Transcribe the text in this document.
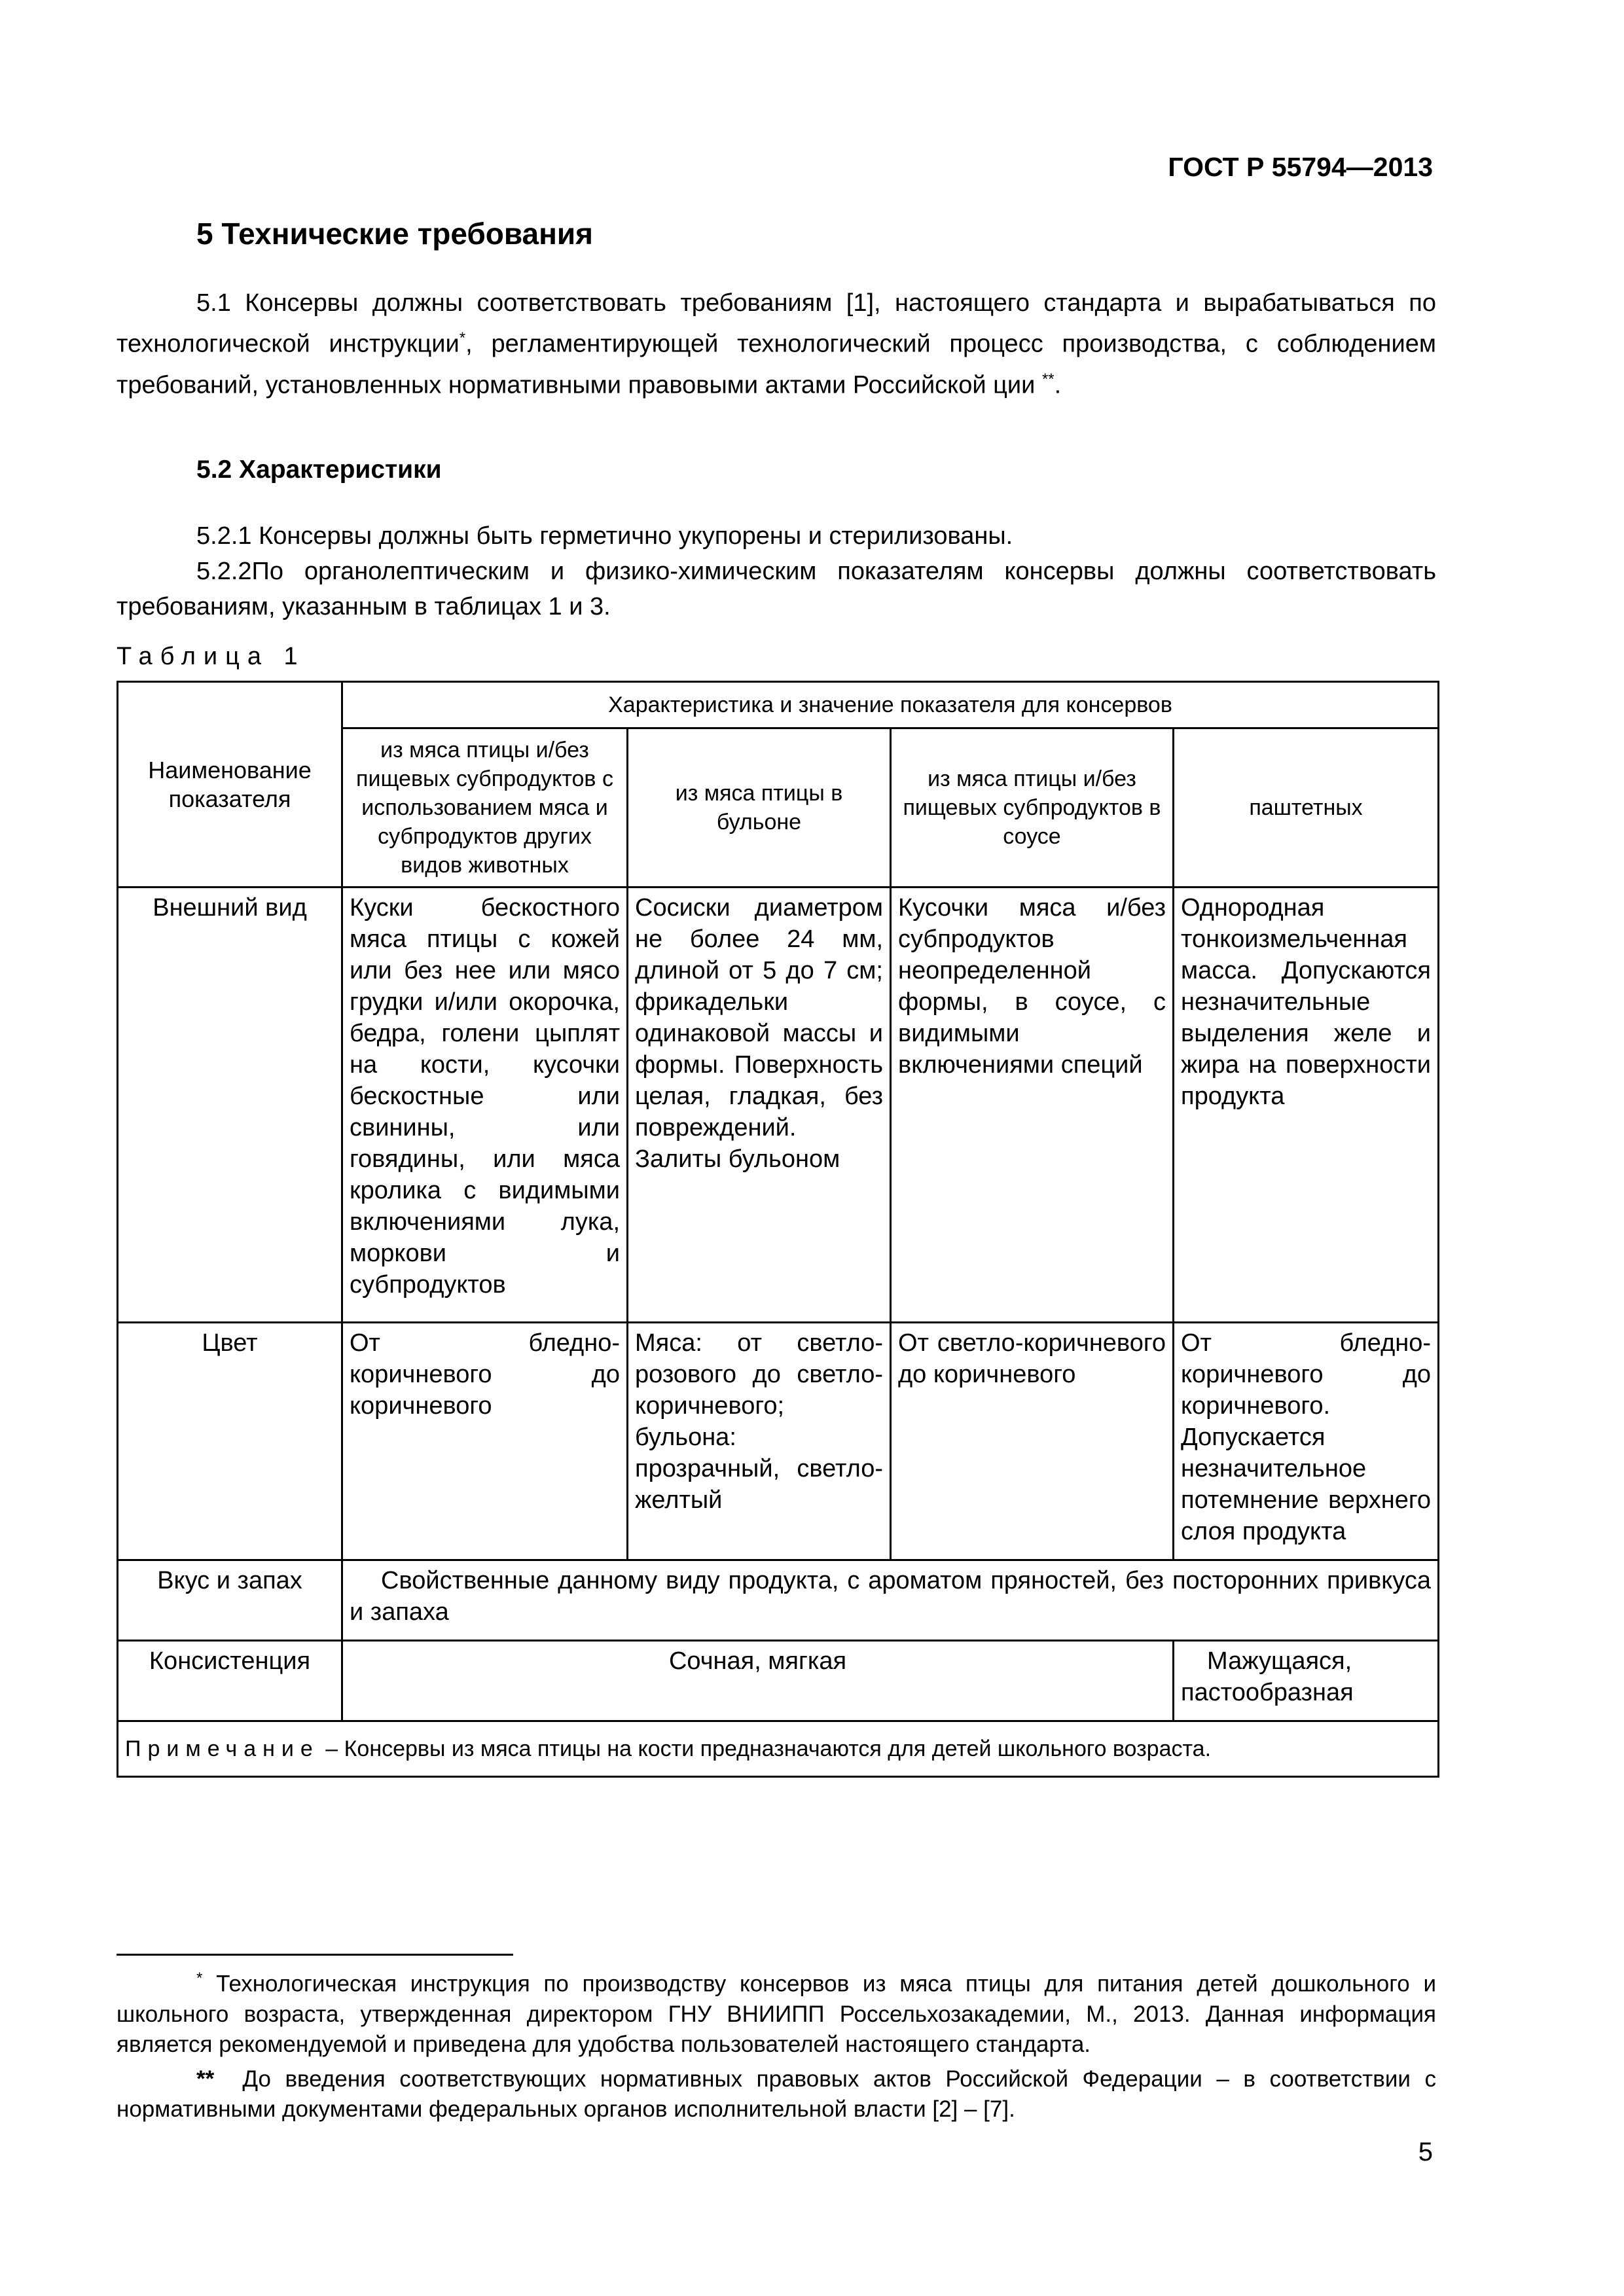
ГОСТ Р 55794—2013
5 Технические требования
5.1 Консервы должны соответствовать требованиям [1], настоящего стандарта и вырабатываться по технологической инструкции*, регламентирующей технологический процесс производства, с соблюдением требований, установленных нормативными правовыми актами Российской ции **.
5.2 Характеристики
5.2.1 Консервы должны быть герметично укупорены и стерилизованы.
5.2.2По органолептическим и физико-химическим показателям консервы должны соответствовать требованиям, указанным в таблицах 1 и 3.
Таблица 1
Наименование показателя	Характеристика и значение показателя для консервов			
	из мяса птицы и/без пищевых субпродуктов с использованием мяса и субпродуктов других видов животных	из мяса птицы в бульоне	из мяса птицы и/без пищевых субпродуктов в соусе	паштетных
Внешний вид	Куски бескостного мяса птицы с кожей или без нее или мясо грудки и/или окорочка, бедра, голени цыплят на кости, кусочки бескостные или свинины, или говядины, или мяса кролика с видимыми включениями лука, моркови и субпродуктов	Сосиски диаметром не более 24 мм, длиной от 5 до 7 см; фрикадельки одинаковой массы и формы. Поверхность целая, гладкая, без повреждений. Залиты бульоном	Кусочки мяса и/без субпродуктов неопределенной формы, в соусе, с видимыми включениями специй	Однородная тонкоизмельченная масса. Допускаются незначительные выделения желе и жира на поверхности продукта
Цвет	От бледно-коричневого до коричневого	Мяса: от светло-розового до светло-коричневого; бульона: прозрачный, светло-желтый	От светло-коричневого до коричневого	От бледно-коричневого до коричневого. Допускается незначительное потемнение верхнего слоя продукта
Вкус и запах	Свойственные данному виду продукта, с ароматом пряностей, без посторонних привкуса и запаха			
Консистенция	Сочная, мягкая			Мажущаяся, пастообразная
Примечание – Консервы из мяса птицы на кости предназначаются для детей школьного возраста.				
* Технологическая инструкция по производству консервов из мяса птицы для питания детей дошкольного и школьного возраста, утвержденная директором ГНУ ВНИИПП Россельхозакадемии, М., 2013. Данная информация является рекомендуемой и приведена для удобства пользователей настоящего стандарта.
** До введения соответствующих нормативных правовых актов Российской Федерации – в соответствии с нормативными документами федеральных органов исполнительной власти [2] – [7].
5
